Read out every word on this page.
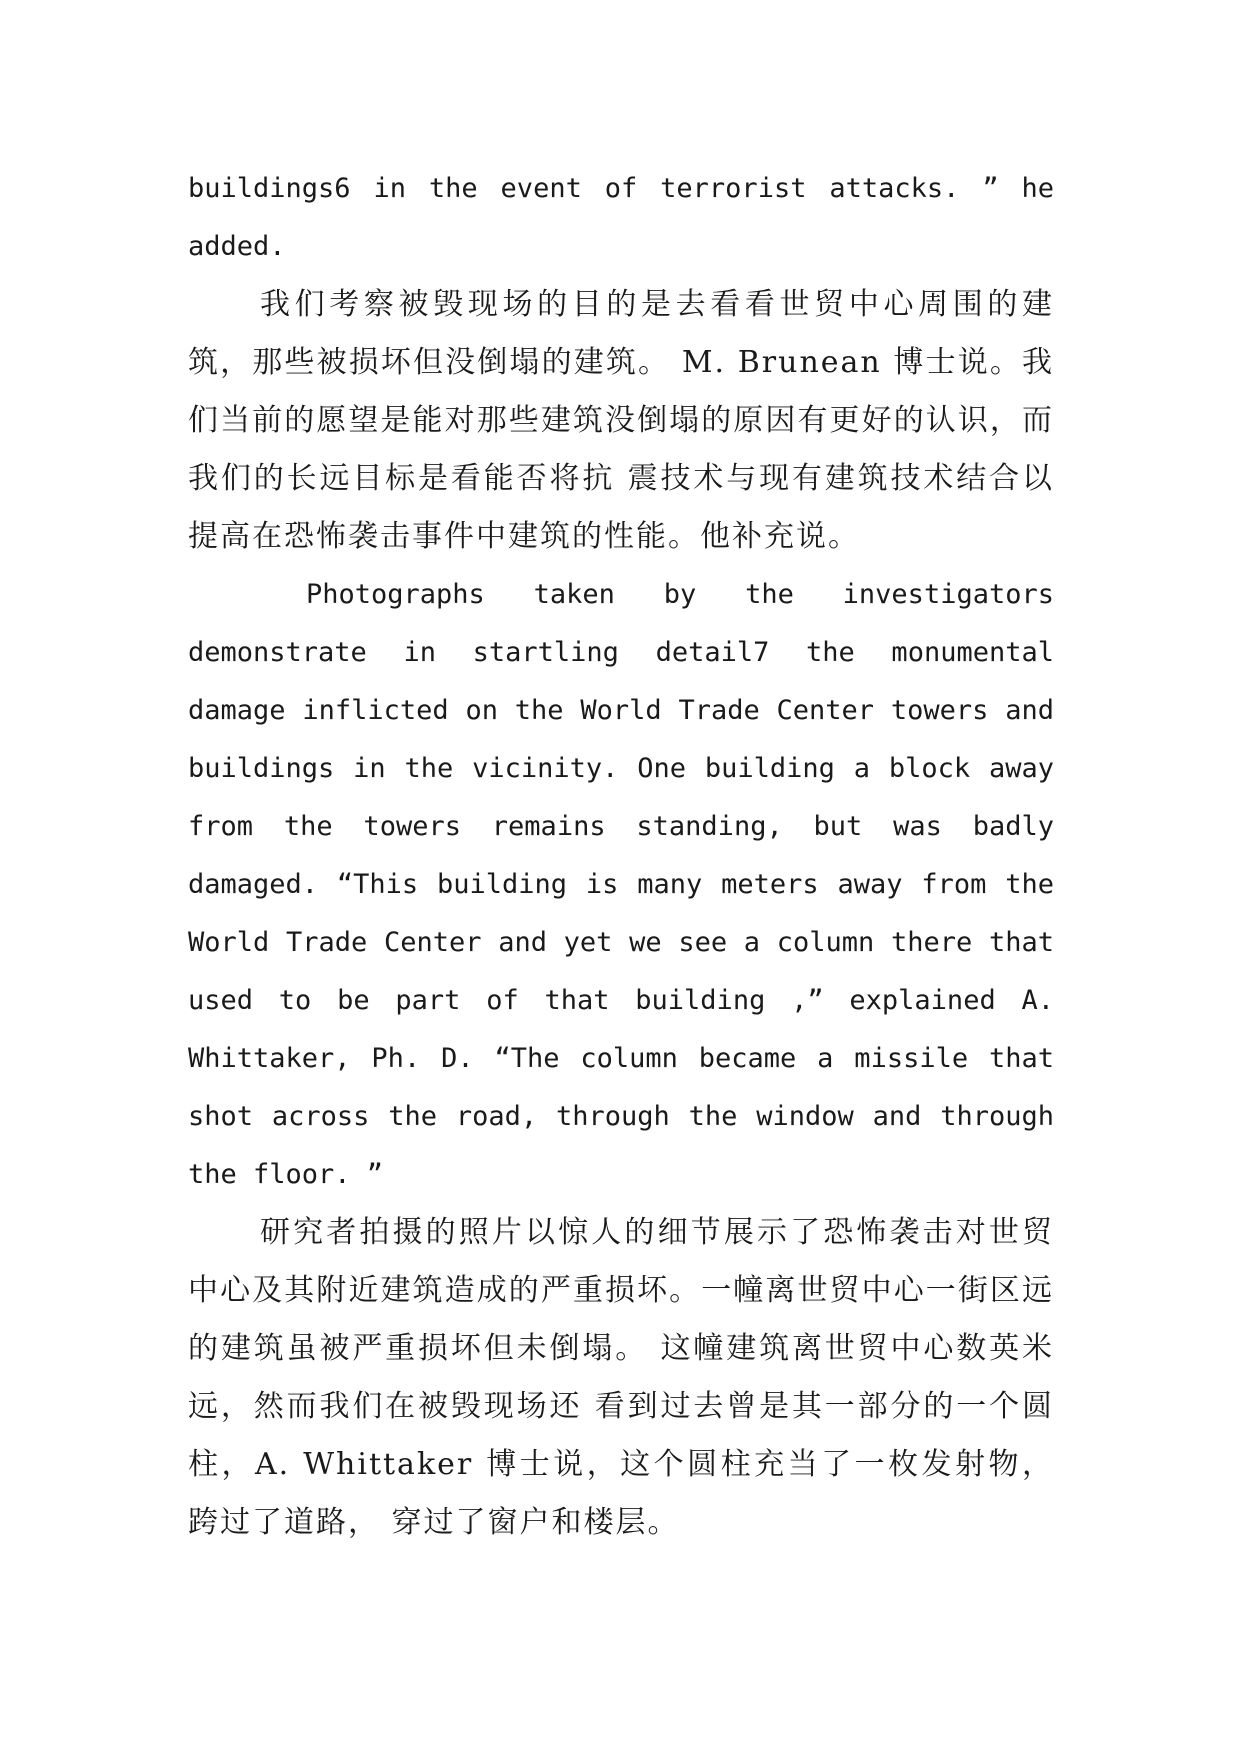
buildings6 in the event of terrorist attacks. ” he added.

我们考察被毁现场的目的是去看看世贸中心周围的建筑，那些被损坏但没倒塌的建筑。 M. Brunean 博士说。我们当前的愿望是能对那些建筑没倒塌的原因有更好的认识，而我们的长远目标是看能否将抗 震技术与现有建筑技术结合以提高在恐怖袭击事件中建筑的性能。他补充说。

Photographs taken by the investigators demonstrate in startling detail7 the monumental damage inflicted on the World Trade Center towers and buildings in the vicinity. One building a block away from the towers remains standing, but was badly damaged. “This building is many meters away from the World Trade Center and yet we see a column there that used to be part of that building ,” explained A. Whittaker, Ph. D. “The column became a missile that shot across the road, through the window and through the floor. ”

研究者拍摄的照片以惊人的细节展示了恐怖袭击对世贸中心及其附近建筑造成的严重损坏。一幢离世贸中心一街区远的建筑虽被严重损坏但未倒塌。 这幢建筑离世贸中心数英米远，然而我们在被毁现场还 看到过去曾是其一部分的一个圆柱，A. Whittaker 博士说，这个圆柱充当了一枚发射物，跨过了道路， 穿过了窗户和楼层。
